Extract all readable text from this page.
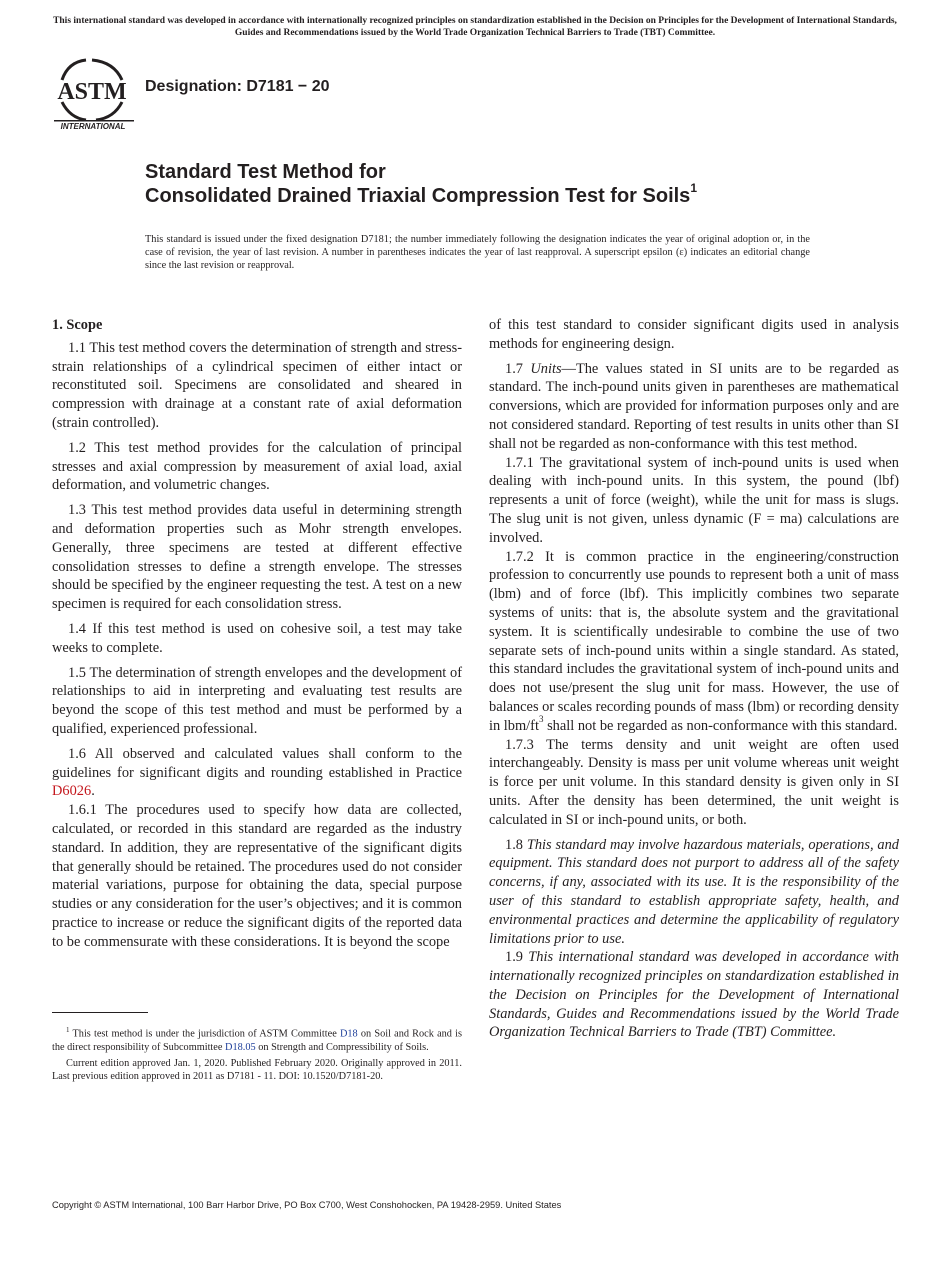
This international standard was developed in accordance with internationally recognized principles on standardization established in the Decision on Principles for the Development of International Standards, Guides and Recommendations issued by the World Trade Organization Technical Barriers to Trade (TBT) Committee.
ASTM
INTERNATIONAL
Designation: D7181 − 20
Standard Test Method for
Consolidated Drained Triaxial Compression Test for Soils$^1$
This standard is issued under the fixed designation D7181; the number immediately following the designation indicates the year of original adoption or, in the case of revision, the year of last revision. A number in parentheses indicates the year of last reapproval. A superscript epsilon (ε) indicates an editorial change since the last revision or reapproval.
1. Scope

1.1 This test method covers the determination of strength and stress-strain relationships of a cylindrical specimen of either intact or reconstituted soil. Specimens are consolidated and sheared in compression with drainage at a constant rate of axial deformation (strain controlled).

1.2 This test method provides for the calculation of principal stresses and axial compression by measurement of axial load, axial deformation, and volumetric changes.

1.3 This test method provides data useful in determining strength and deformation properties such as Mohr strength envelopes. Generally, three specimens are tested at different effective consolidation stresses to define a strength envelope. The stresses should be specified by the engineer requesting the test. A test on a new specimen is required for each consolidation stress.

1.4 If this test method is used on cohesive soil, a test may take weeks to complete.

1.5 The determination of strength envelopes and the development of relationships to aid in interpreting and evaluating test results are beyond the scope of this test method and must be performed by a qualified, experienced professional.

1.6 All observed and calculated values shall conform to the guidelines for significant digits and rounding established in Practice D6026.

1.6.1 The procedures used to specify how data are collected, calculated, or recorded in this standard are regarded as the industry standard. In addition, they are representative of the significant digits that generally should be retained. The procedures used do not consider material variations, purpose for obtaining the data, special purpose studies or any consideration for the user’s objectives; and it is common practice to increase or reduce the significant digits of the reported data to be commensurate with these considerations. It is beyond the scope

$^1$ This test method is under the jurisdiction of ASTM Committee D18 on Soil and Rock and is the direct responsibility of Subcommittee D18.05 on Strength and Compressibility of Soils.

Current edition approved Jan. 1, 2020. Published February 2020. Originally approved in 2011. Last previous edition approved in 2011 as D7181 - 11. DOI: 10.1520/D7181-20.

of this test standard to consider significant digits used in analysis methods for engineering design.

1.7 Units—The values stated in SI units are to be regarded as standard. The inch-pound units given in parentheses are mathematical conversions, which are provided for information purposes only and are not considered standard. Reporting of test results in units other than SI shall not be regarded as non-conformance with this test method.

1.7.1 The gravitational system of inch-pound units is used when dealing with inch-pound units. In this system, the pound (lbf) represents a unit of force (weight), while the unit for mass is slugs. The slug unit is not given, unless dynamic (F = ma) calculations are involved.

1.7.2 It is common practice in the engineering/construction profession to concurrently use pounds to represent both a unit of mass (lbm) and of force (lbf). This implicitly combines two separate systems of units: that is, the absolute system and the gravitational system. It is scientifically undesirable to combine the use of two separate sets of inch-pound units within a single standard. As stated, this standard includes the gravitational system of inch-pound units and does not use/present the slug unit for mass. However, the use of balances or scales recording pounds of mass (lbm) or recording density in lbm/$ft^3$ shall not be regarded as non-conformance with this standard.

1.7.3 The terms density and unit weight are often used interchangeably. Density is mass per unit volume whereas unit weight is force per unit volume. In this standard density is given only in SI units. After the density has been determined, the unit weight is calculated in SI or inch-pound units, or both.

1.8 This standard may involve hazardous materials, operations, and equipment. This standard does not purport to address all of the safety concerns, if any, associated with its use. It is the responsibility of the user of this standard to establish appropriate safety, health, and environmental practices and determine the applicability of regulatory limitations prior to use.

1.9 This international standard was developed in accordance with internationally recognized principles on standardization established in the Decision on Principles for the Development of International Standards, Guides and Recommendations issued by the World Trade Organization Technical Barriers to Trade (TBT) Committee.

Copyright © ASTM International, 100 Barr Harbor Drive, PO Box C700, West Conshohocken, PA 19428-2959. United States
